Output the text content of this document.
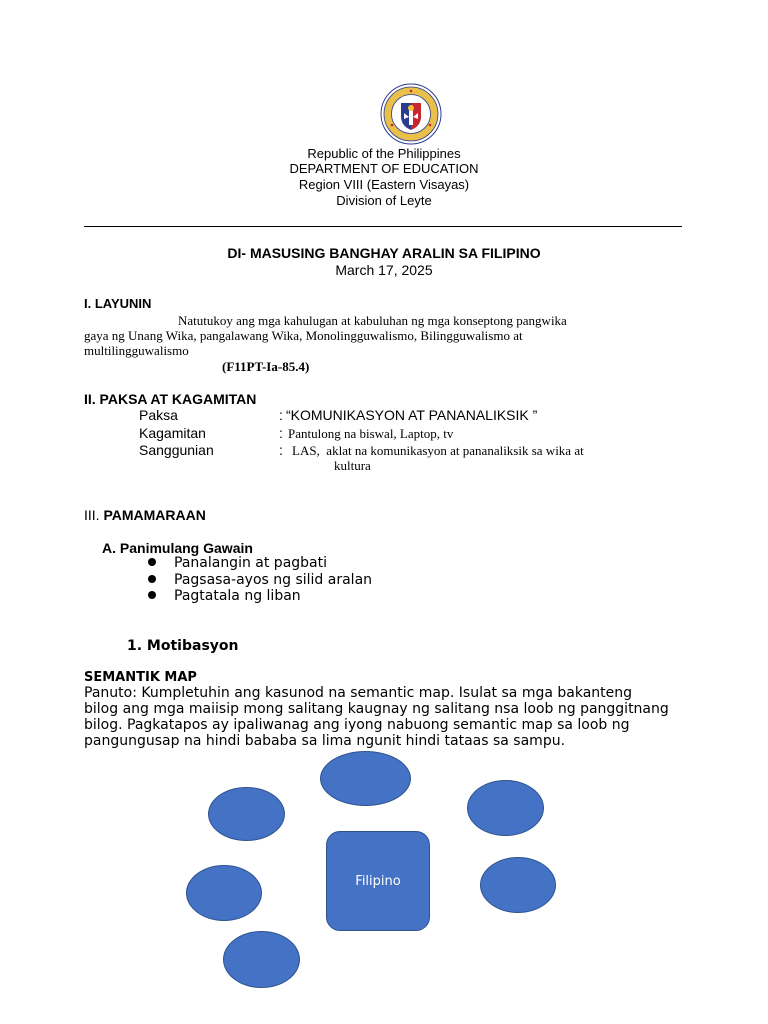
Republic of the Philippines
DEPARTMENT OF EDUCATION
Region VIII (Eastern Visayas)
Division of Leyte
DI- MASUSING BANGHAY ARALIN SA FILIPINO
March 17, 2025
I. LAYUNIN
Natutukoy ang mga kahulugan at kabuluhan ng mga konseptong pangwika
gaya ng Unang Wika, pangalawang Wika, Monolingguwalismo, Bilingguwalismo at
multilingguwalismo
(F11PT-Ia-85.4)
II. PAKSA AT KAGAMITAN
Paksa	: “KOMUNIKASYON AT PANANALIKSIK ”
Kagamitan	: Pantulong na biswal, Laptop, tv
Sanggunian	: LAS,  aklat na komunikasyon at pananaliksik sa wika at
kultura
III. PAMAMARAAN
A. Panimulang Gawain
Panalangin at pagbati
Pagsasa-ayos ng silid aralan
Pagtatala ng liban
1. Motibasyon
SEMANTIK MAP
Panuto: Kumpletuhin ang kasunod na semantic map. Isulat sa mga bakanteng
bilog ang mga maiisip mong salitang kaugnay ng salitang nsa loob ng panggitnang
bilog. Pagkatapos ay ipaliwanag ang iyong nabuong semantic map sa loob ng
pangungusap na hindi bababa sa lima ngunit hindi tataas sa sampu.
Filipino
